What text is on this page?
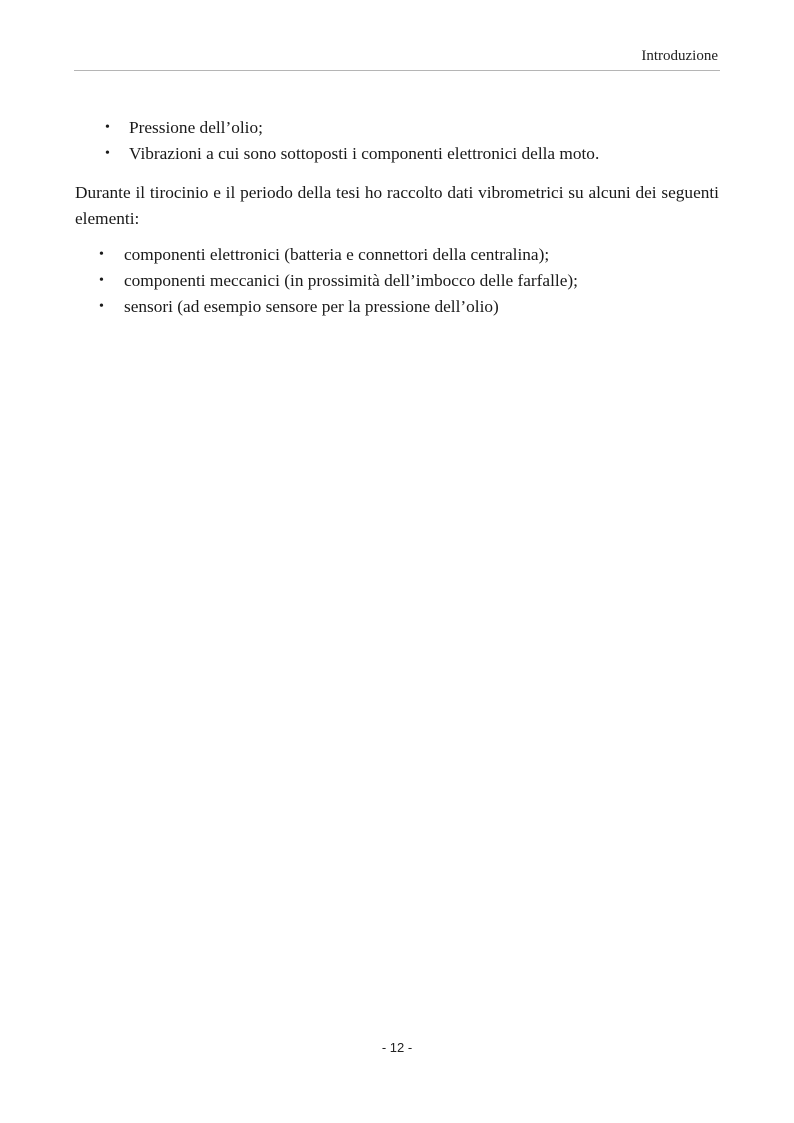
Introduzione
• Pressione dell’olio;
• Vibrazioni a cui sono sottoposti i componenti elettronici della moto.

Durante il tirocinio e il periodo della tesi ho raccolto dati vibrometrici su alcuni dei seguenti elementi:

• componenti elettronici (batteria e connettori della centralina);
• componenti meccanici (in prossimità dell’imbocco delle farfalle);
• sensori (ad esempio sensore per la pressione dell’olio)
- 12 -
